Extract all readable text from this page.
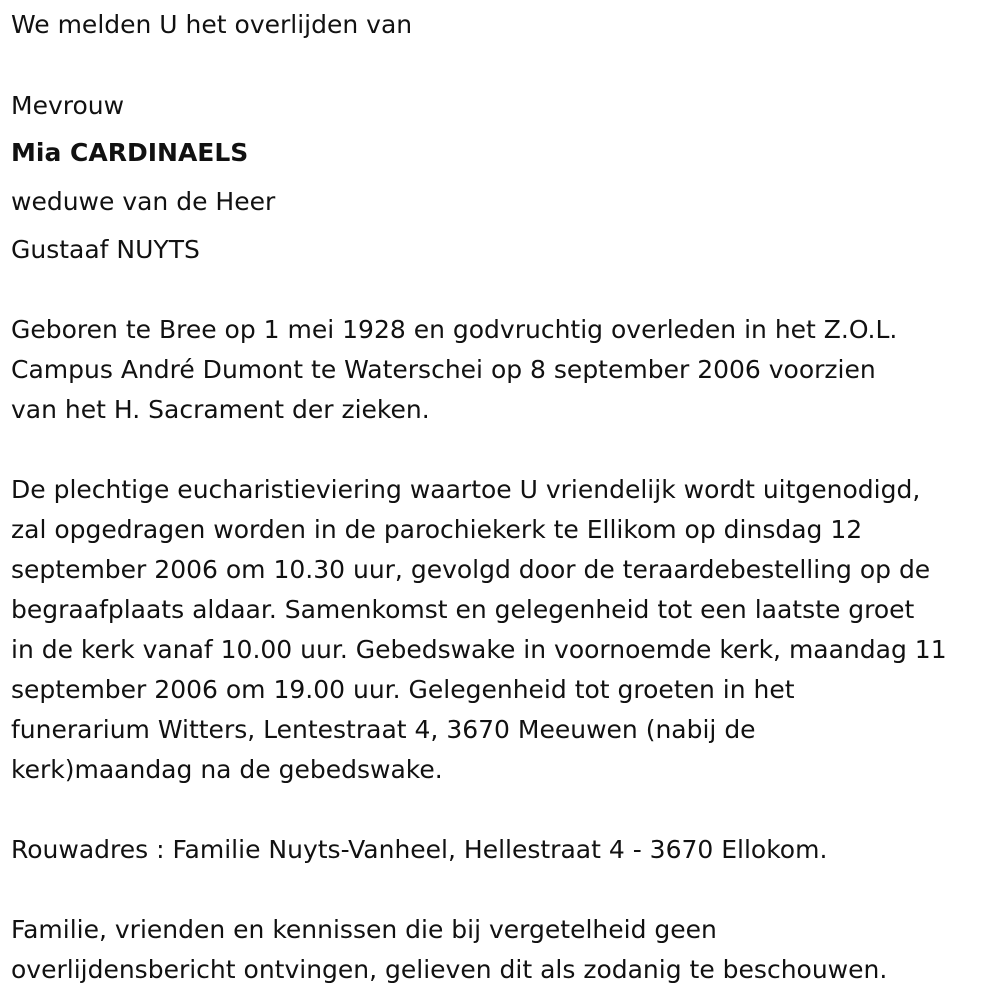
We melden U het overlijden van

Mevrouw

Mia CARDINAELS

weduwe van de Heer

Gustaaf NUYTS

Geboren te Bree op 1 mei 1928 en godvruchtig overleden in het Z.O.L.
Campus André Dumont te Waterschei op 8 september 2006 voorzien
van het H. Sacrament der zieken.

De plechtige eucharistieviering waartoe U vriendelijk wordt uitgenodigd,
zal opgedragen worden in de parochiekerk te Ellikom op dinsdag 12
september 2006 om 10.30 uur, gevolgd door de teraardebestelling op de
begraafplaats aldaar. Samenkomst en gelegenheid tot een laatste groet
in de kerk vanaf 10.00 uur. Gebedswake in voornoemde kerk, maandag 11
september 2006 om 19.00 uur. Gelegenheid tot groeten in het
funerarium Witters, Lentestraat 4, 3670 Meeuwen (nabij de
kerk)maandag na de gebedswake.

Rouwadres : Familie Nuyts-Vanheel, Hellestraat 4 - 3670 Ellokom.

Familie, vrienden en kennissen die bij vergetelheid geen
overlijdensbericht ontvingen, gelieven dit als zodanig te beschouwen.
